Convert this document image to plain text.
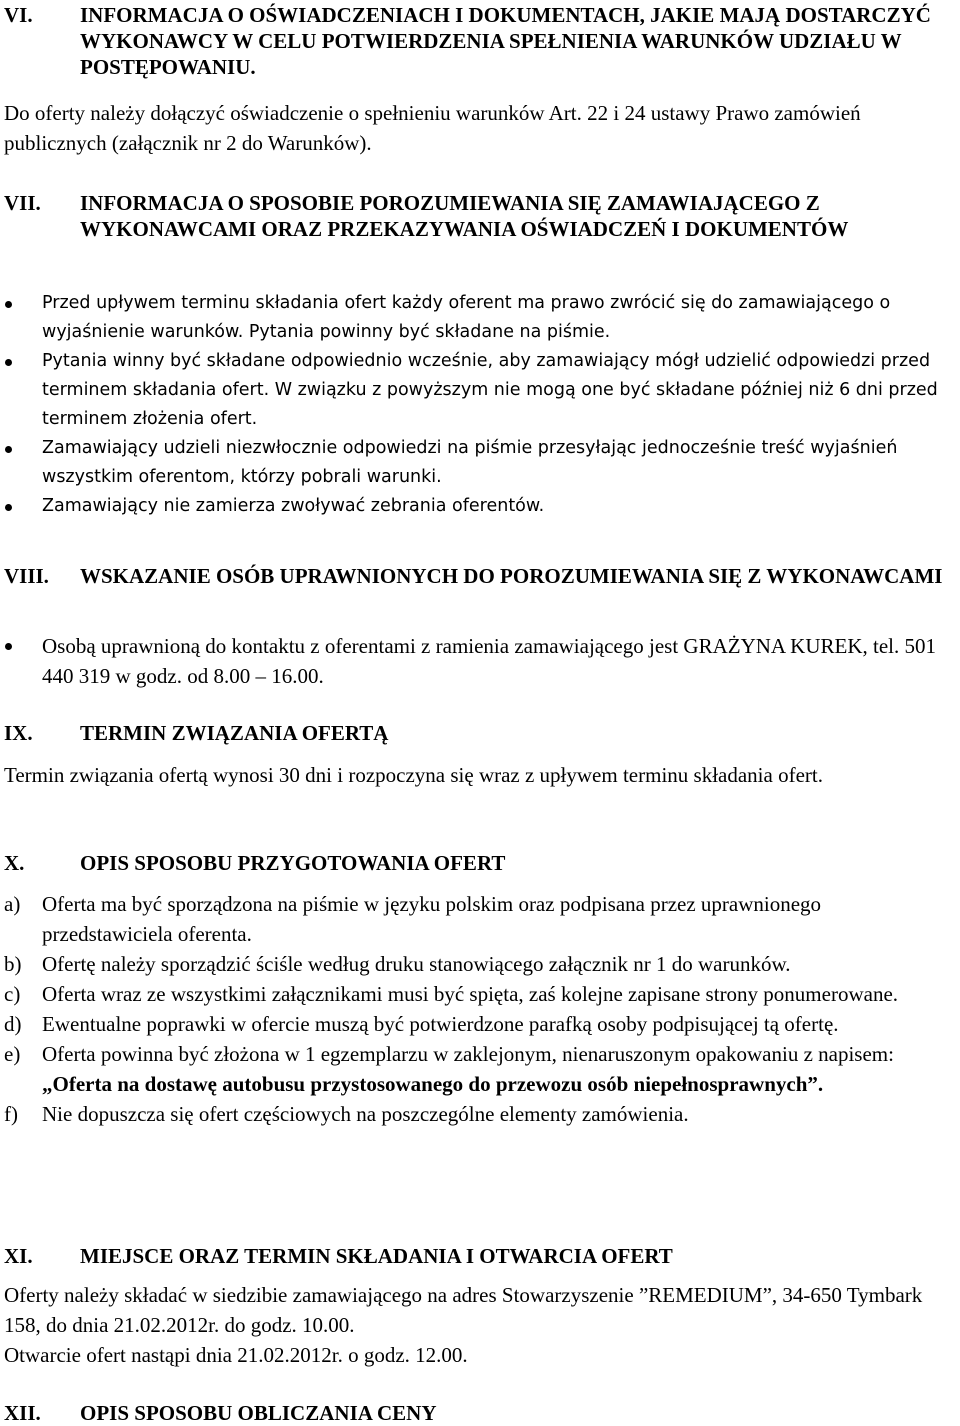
VI.	INFORMACJA O OŚWIADCZENIACH I DOKUMENTACH, JAKIE MAJĄ DOSTARCZYĆ WYKONAWCY W CELU POTWIERDZENIA SPEŁNIENIA WARUNKÓW UDZIAŁU W POSTĘPOWANIU.

Do oferty należy dołączyć oświadczenie o spełnieniu warunków Art. 22 i 24 ustawy Prawo zamówień publicznych (załącznik nr 2 do Warunków).

VII.	INFORMACJA O SPOSOBIE POROZUMIEWANIA SIĘ ZAMAWIAJĄCEGO Z WYKONAWCAMI ORAZ PRZEKAZYWANIA OŚWIADCZEŃ I DOKUMENTÓW

Przed upływem terminu składania ofert każdy oferent ma prawo zwrócić się do zamawiającego o wyjaśnienie warunków. Pytania powinny być składane na piśmie.

Pytania winny być składane odpowiednio wcześnie, aby zamawiający mógł udzielić odpowiedzi przed terminem składania ofert. W związku z powyższym nie mogą one być składane później niż 6 dni przed terminem złożenia ofert.

Zamawiający udzieli niezwłocznie odpowiedzi na piśmie przesyłając jednocześnie treść wyjaśnień wszystkim oferentom, którzy pobrali warunki.

Zamawiający nie zamierza zwoływać zebrania oferentów.

VIII.	WSKAZANIE OSÓB UPRAWNIONYCH DO POROZUMIEWANIA SIĘ Z WYKONAWCAMI

Osobą uprawnioną do kontaktu z oferentami z ramienia zamawiającego jest GRAŻYNA KUREK, tel. 501 440 319 w godz. od 8.00 – 16.00.

IX.	TERMIN ZWIĄZANIA OFERTĄ

Termin związania ofertą wynosi 30 dni i rozpoczyna się wraz z upływem terminu składania ofert.

X.	OPIS SPOSOBU PRZYGOTOWANIA OFERT
a)	Oferta ma być sporządzona na piśmie w języku polskim oraz podpisana przez uprawnionego przedstawiciela oferenta.
b) Ofertę należy sporządzić ściśle według druku stanowiącego załącznik nr 1 do warunków.
c)	Oferta wraz ze wszystkimi załącznikami musi być spięta, zaś kolejne zapisane strony ponumerowane.
d) Ewentualne poprawki w ofercie muszą być potwierdzone parafką osoby podpisującej tą ofertę.
e)	Oferta powinna być złożona w 1 egzemplarzu w zaklejonym, nienaruszonym opakowaniu z napisem: „Oferta na dostawę autobusu przystosowanego do przewozu osób niepełnosprawnych”.
f)	Nie dopuszcza się ofert częściowych na poszczególne elementy zamówienia.
XI.	MIEJSCE ORAZ TERMIN SKŁADANIA I OTWARCIA OFERT

Oferty należy składać w siedzibie zamawiającego na adres Stowarzyszenie ”REMEDIUM”, 34-650 Tymbark 158, do dnia 21.02.2012r. do godz. 10.00.

Otwarcie ofert nastąpi dnia 21.02.2012r. o godz. 12.00.

XII.	OPIS SPOSOBU OBLICZANIA CENY
